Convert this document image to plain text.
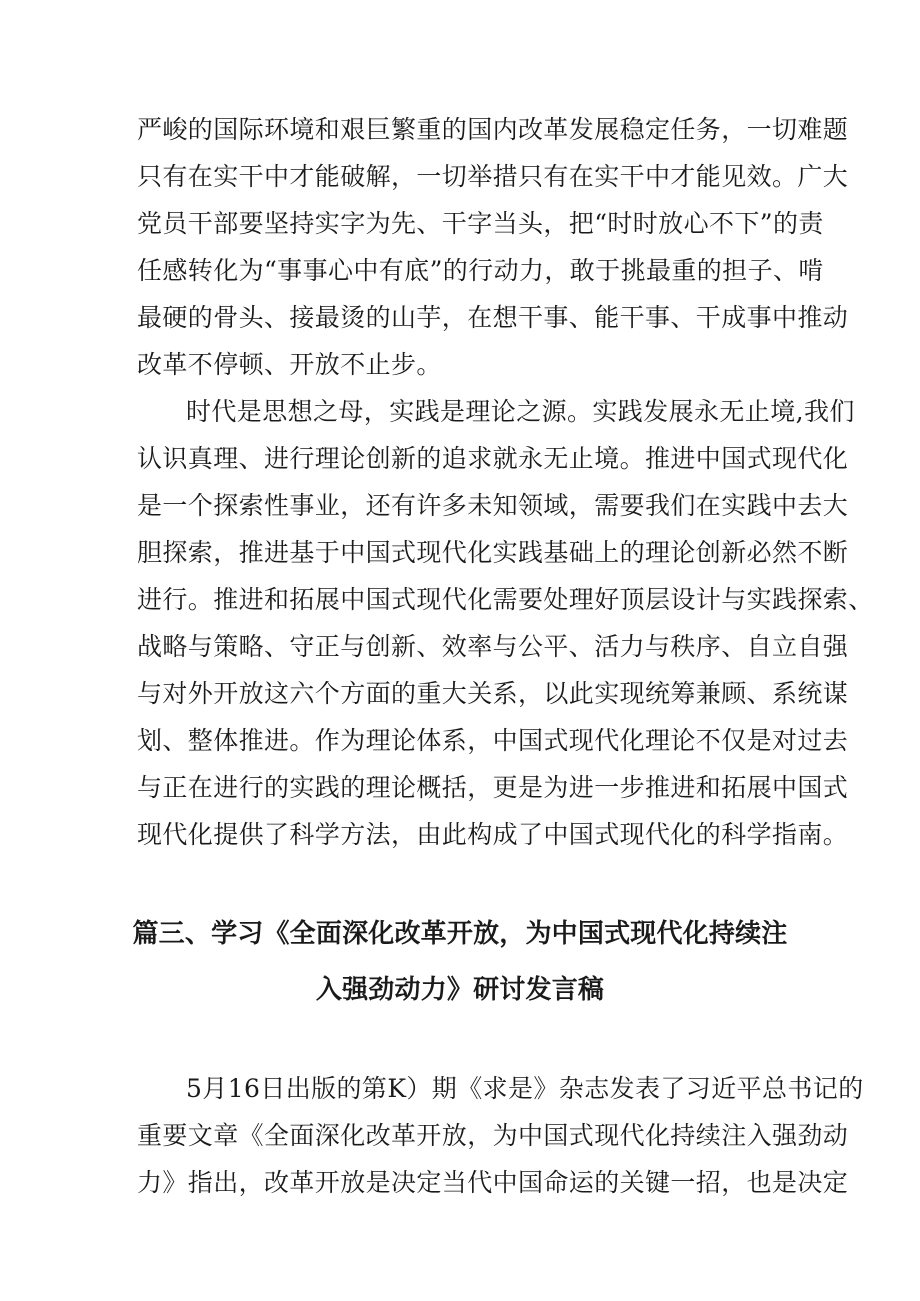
严峻的国际环境和艰巨繁重的国内改革发展稳定任务，一切难题
只有在实干中才能破解，一切举措只有在实干中才能见效。广大
党员干部要坚持实字为先、干字当头，把“时时放心不下”的责
任感转化为“事事心中有底”的行动力，敢于挑最重的担子、啃
最硬的骨头、接最烫的山芋，在想干事、能干事、干成事中推动
改革不停顿、开放不止步。
时代是思想之母，实践是理论之源。实践发展永无止境,我们
认识真理、进行理论创新的追求就永无止境。推进中国式现代化
是一个探索性事业，还有许多未知领域，需要我们在实践中去大
胆探索，推进基于中国式现代化实践基础上的理论创新必然不断
进行。推进和拓展中国式现代化需要处理好顶层设计与实践探索、
战略与策略、守正与创新、效率与公平、活力与秩序、自立自强
与对外开放这六个方面的重大关系，以此实现统筹兼顾、系统谋
划、整体推进。作为理论体系，中国式现代化理论不仅是对过去
与正在进行的实践的理论概括，更是为进一步推进和拓展中国式
现代化提供了科学方法，由此构成了中国式现代化的科学指南。
篇三、学习《全面深化改革开放，为中国式现代化持续注
入强劲动力》研讨发言稿
5月16日出版的第K）期《求是》杂志发表了习近平总书记的
重要文章《全面深化改革开放，为中国式现代化持续注入强劲动
力》指出，改革开放是决定当代中国命运的关键一招，也是决定
